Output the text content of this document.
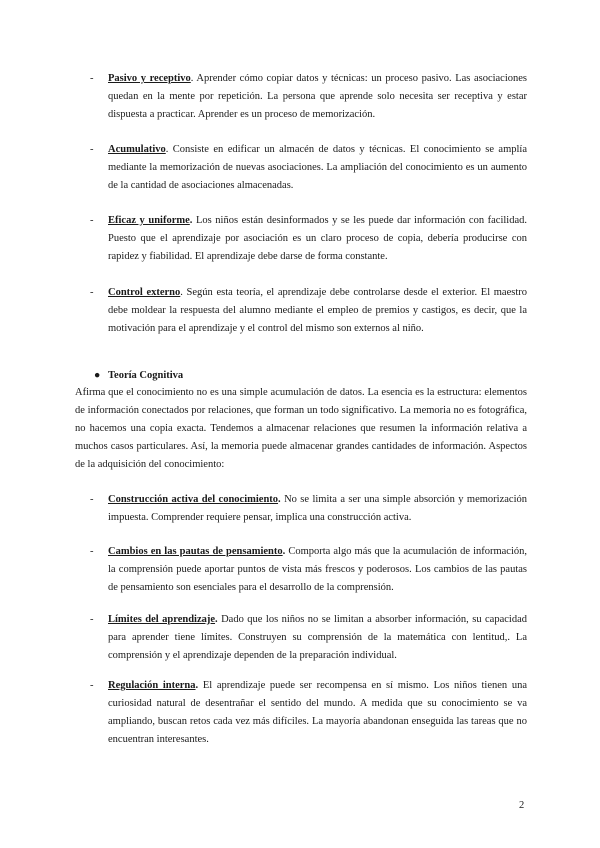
- Pasivo y receptivo. Aprender cómo copiar datos y técnicas: un proceso pasivo. Las asociaciones quedan en la mente por repetición. La persona que aprende solo necesita ser receptiva y estar dispuesta a practicar. Aprender es un proceso de memorización.
- Acumulativo. Consiste en edificar un almacén de datos y técnicas. El conocimiento se amplía mediante la memorización de nuevas asociaciones. La ampliación del conocimiento es un aumento de la cantidad de asociaciones almacenadas.
- Eficaz y uniforme. Los niños están desinformados y se les puede dar información con facilidad. Puesto que el aprendizaje por asociación es un claro proceso de copia, debería producirse con rapidez y fiabilidad. El aprendizaje debe darse de forma constante.
- Control externo. Según esta teoría, el aprendizaje debe controlarse desde el exterior. El maestro debe moldear la respuesta del alumno mediante el empleo de premios y castigos, es decir, que la motivación para el aprendizaje y el control del mismo son externos al niño.
● Teoría Cognitiva
Afirma que el conocimiento no es una simple acumulación de datos. La esencia es la estructura: elementos de información conectados por relaciones, que forman un todo significativo. La memoria no es fotográfica, no hacemos una copia exacta. Tendemos a almacenar relaciones que resumen la información relativa a muchos casos particulares. Así, la memoria puede almacenar grandes cantidades de información. Aspectos de la adquisición del conocimiento:
- Construcción activa del conocimiento. No se limita a ser una simple absorción y memorización impuesta. Comprender requiere pensar, implica una construcción activa.
- Cambios en las pautas de pensamiento. Comporta algo más que la acumulación de información, la comprensión puede aportar puntos de vista más frescos y poderosos. Los cambios de las pautas de pensamiento son esenciales para el desarrollo de la comprensión.
- Límites del aprendizaje. Dado que los niños no se limitan a absorber información, su capacidad para aprender tiene límites. Construyen su comprensión de la matemática con lentitud,. La comprensión y el aprendizaje dependen de la preparación individual.
- Regulación interna. El aprendizaje puede ser recompensa en sí mismo. Los niños tienen una curiosidad natural de desentrañar el sentido del mundo. A medida que su conocimiento se va ampliando, buscan retos cada vez más difíciles. La mayoría abandonan enseguida las tareas que no encuentran interesantes.
2
